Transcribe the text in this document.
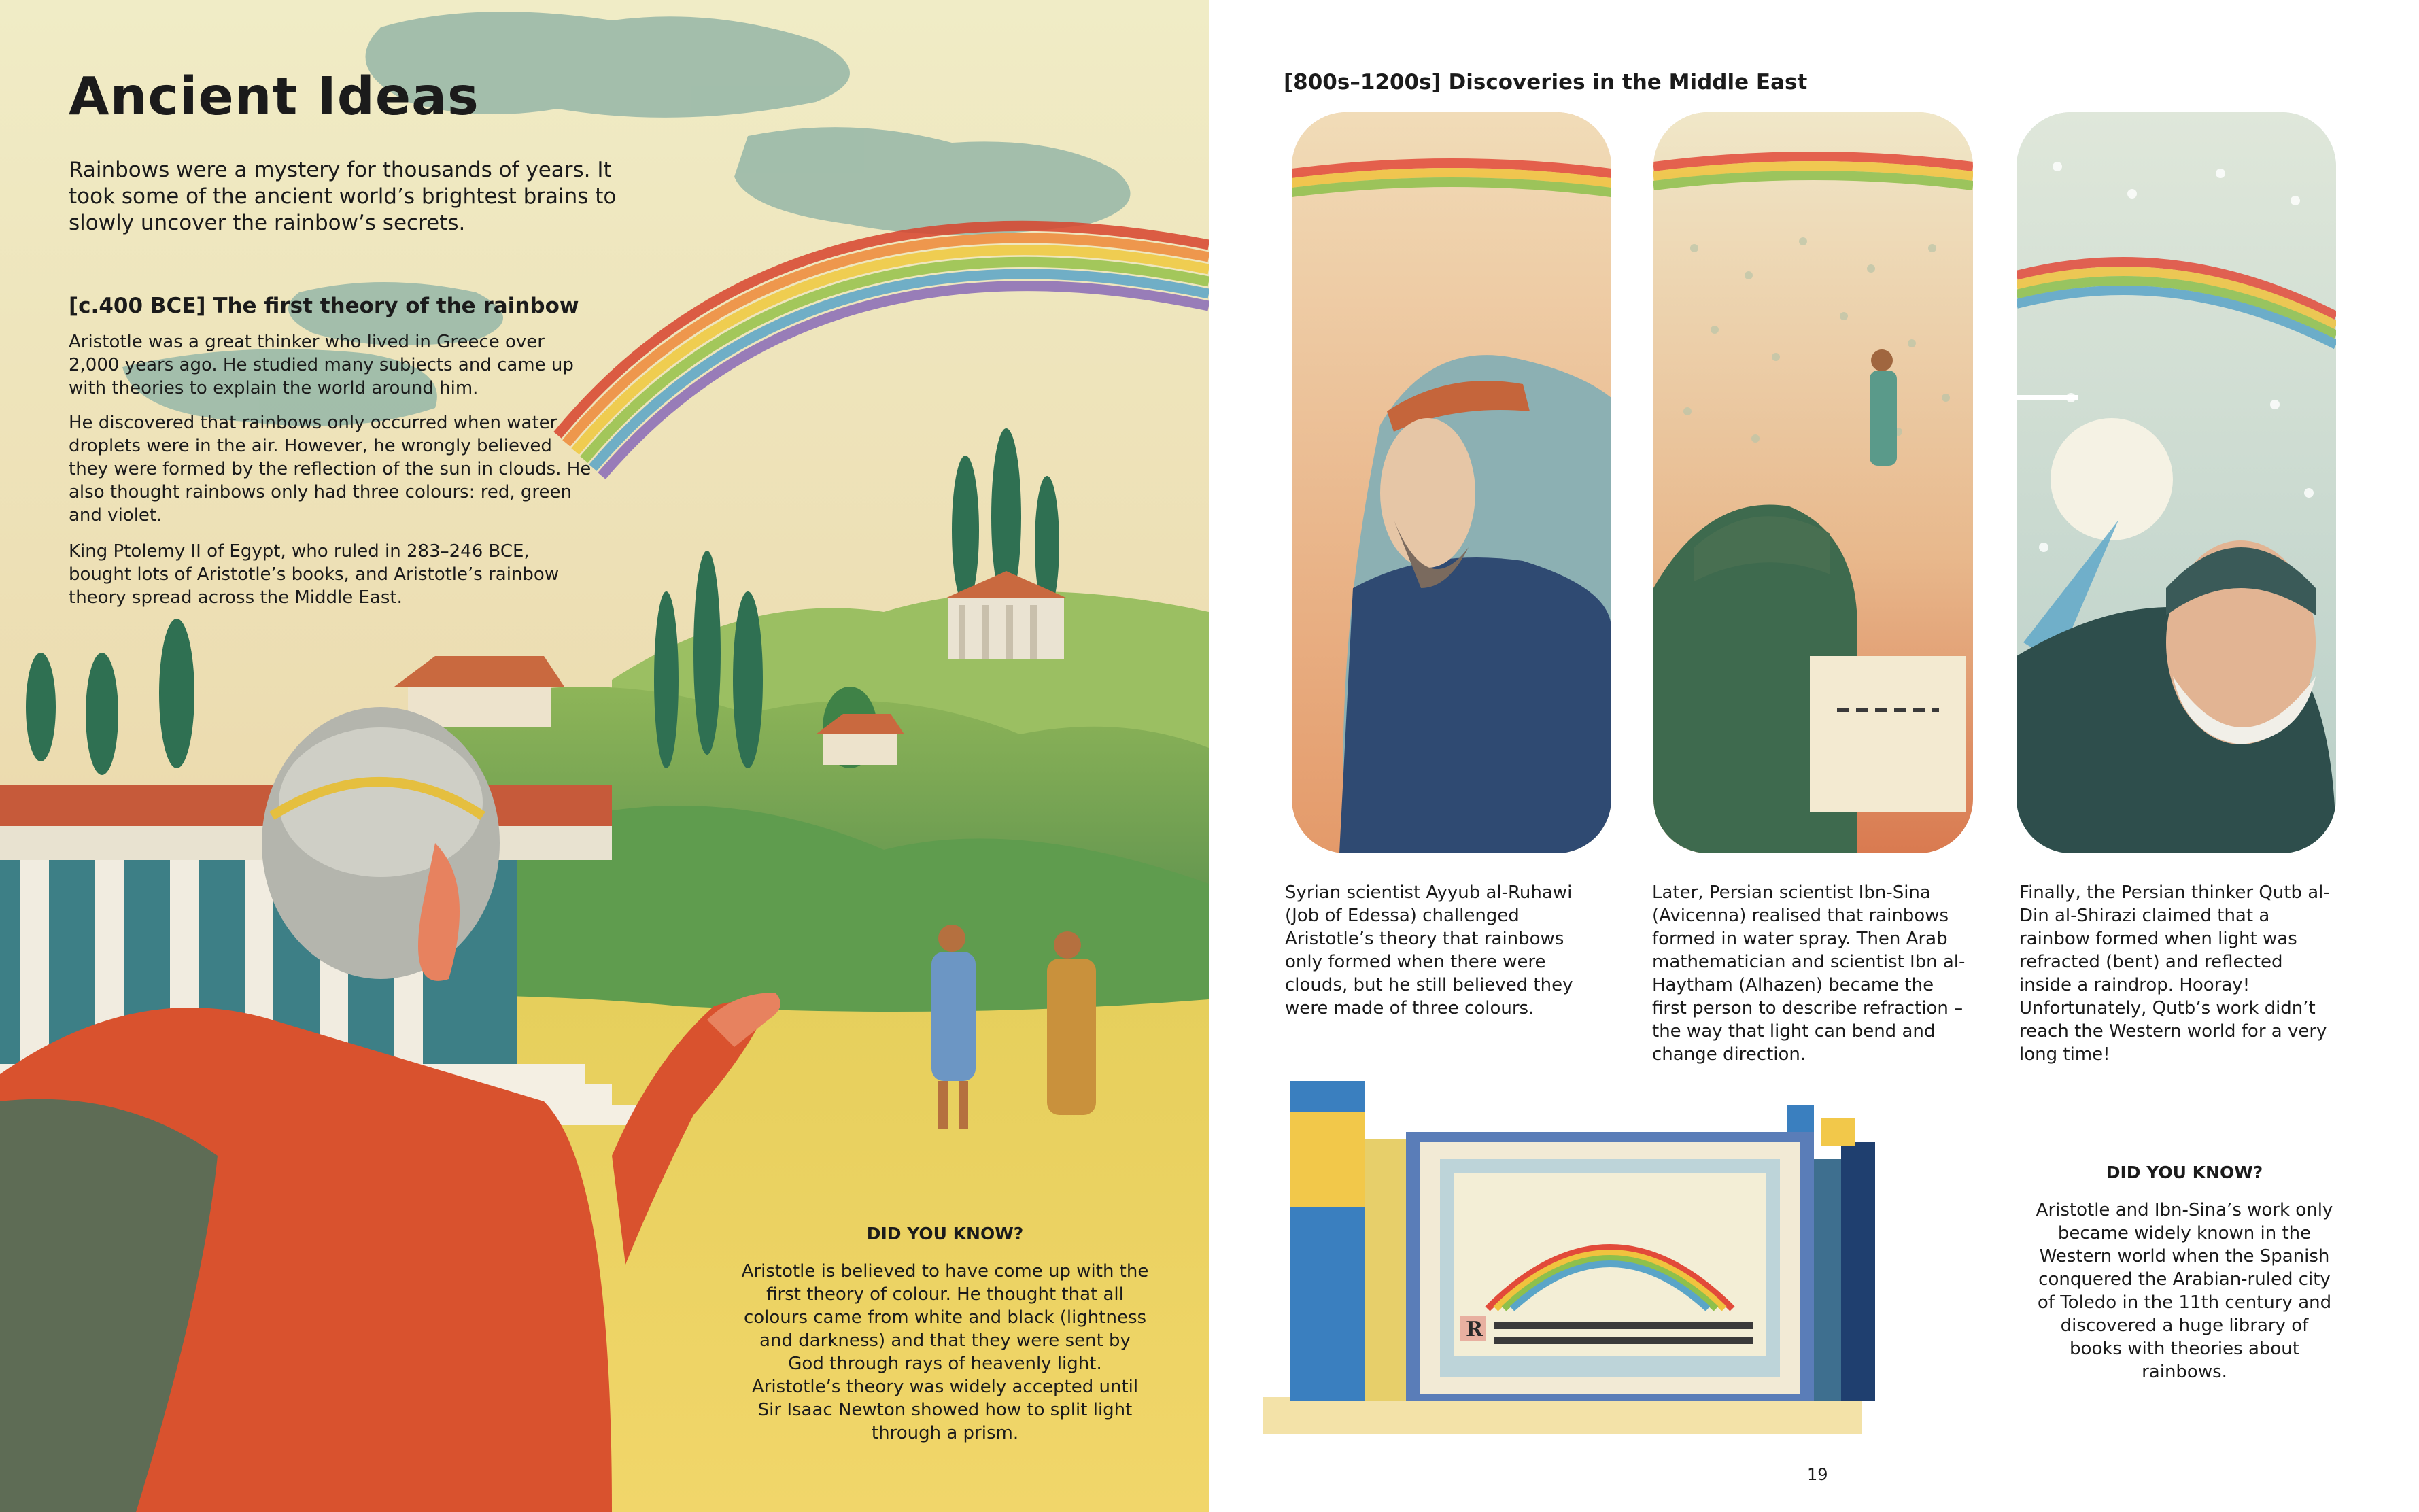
Ancient Ideas

Rainbows were a mystery for thousands of years. It took some of the ancient world’s brightest brains to slowly uncover the rainbow’s secrets.

[c.400 BCE] The first theory of the rainbow

Aristotle was a great thinker who lived in Greece over 2,000 years ago. He studied many subjects and came up with theories to explain the world around him.

He discovered that rainbows only occurred when water droplets were in the air. However, he wrongly believed they were formed by the reflection of the sun in clouds. He also thought rainbows only had three colours: red, green and violet.

King Ptolemy II of Egypt, who ruled in 283–246 BCE, bought lots of Aristotle’s books, and Aristotle’s rainbow theory spread across the Middle East.

DID YOU KNOW?

Aristotle is believed to have come up with the first theory of colour. He thought that all colours came from white and black (lightness and darkness) and that they were sent by God through rays of heavenly light. Aristotle’s theory was widely accepted until Sir Isaac Newton showed how to split light through a prism.

[800s–1200s] Discoveries in the Middle East

Syrian scientist Ayyub al-Ruhawi (Job of Edessa) challenged Aristotle’s theory that rainbows only formed when there were clouds, but he still believed they were made of three colours.

Later, Persian scientist Ibn-Sina (Avicenna) realised that rainbows formed in water spray. Then Arab mathematician and scientist Ibn al-Haytham (Alhazen) became the first person to describe refraction – the way that light can bend and change direction.

Finally, the Persian thinker Qutb al-Din al-Shirazi claimed that a rainbow formed when light was refracted (bent) and reflected inside a raindrop. Hooray! Unfortunately, Qutb’s work didn’t reach the Western world for a very long time!

R

DID YOU KNOW?

Aristotle and Ibn-Sina’s work only became widely known in the Western world when the Spanish conquered the Arabian-ruled city of Toledo in the 11th century and discovered a huge library of books with theories about rainbows.

19
